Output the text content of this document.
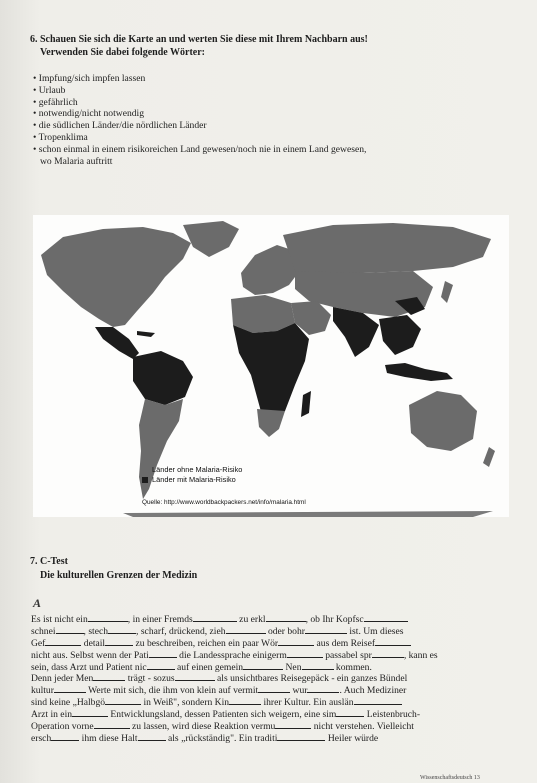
6. Schauen Sie sich die Karte an und werten Sie diese mit Ihrem Nachbarn aus!
Verwenden Sie dabei folgende Wörter:
• Impfung/sich impfen lassen
• Urlaub
• gefährlich
• notwendig/nicht notwendig
• die südlichen Länder/die nördlichen Länder
• Tropenklima
• schon einmal in einem risikoreichen Land gewesen/noch nie in einem Land gewesen,
wo Malaria auftritt
Länder ohne Malaria-Risiko
Länder mit Malaria-Risiko
Quelle: http://www.worldbackpackers.net/info/malaria.html
7. C-Test
Die kulturellen Grenzen der Medizin
A
Es ist nicht ein	, in einer Fremds	zu erkl	, ob Ihr Kopfsc
schnei	, stech	, scharf, drückend, zieh	oder bohr	ist. Um dieses
Gef	detail	zu beschreiben, reichen ein paar Wör	aus dem Reisef
nicht aus. Selbst wenn der Pati	die Landessprache einigerm	passabel spr	, kann es
sein, dass Arzt und Patient nic	auf einen gemein	Nen	kommen.
Denn jeder Men	trägt - sozus	als unsichtbares Reisegepäck - ein ganzes Bündel
kultur	Werte mit sich, die ihm von klein auf vermit	wur	. Auch Mediziner
sind keine „Halbgö	in Weiß", sondern Kin	ihrer Kultur. Ein auslän
Arzt in ein	Entwicklungsland, dessen Patienten sich weigern, eine sim	Leistenbruch-
Operation vorne	zu lassen, wird diese Reaktion vermu	nicht verstehen. Vielleicht
ersch	ihm diese Halt	als „rückständig". Ein traditi	Heiler würde
Wissenschaftsdeutsch 13
